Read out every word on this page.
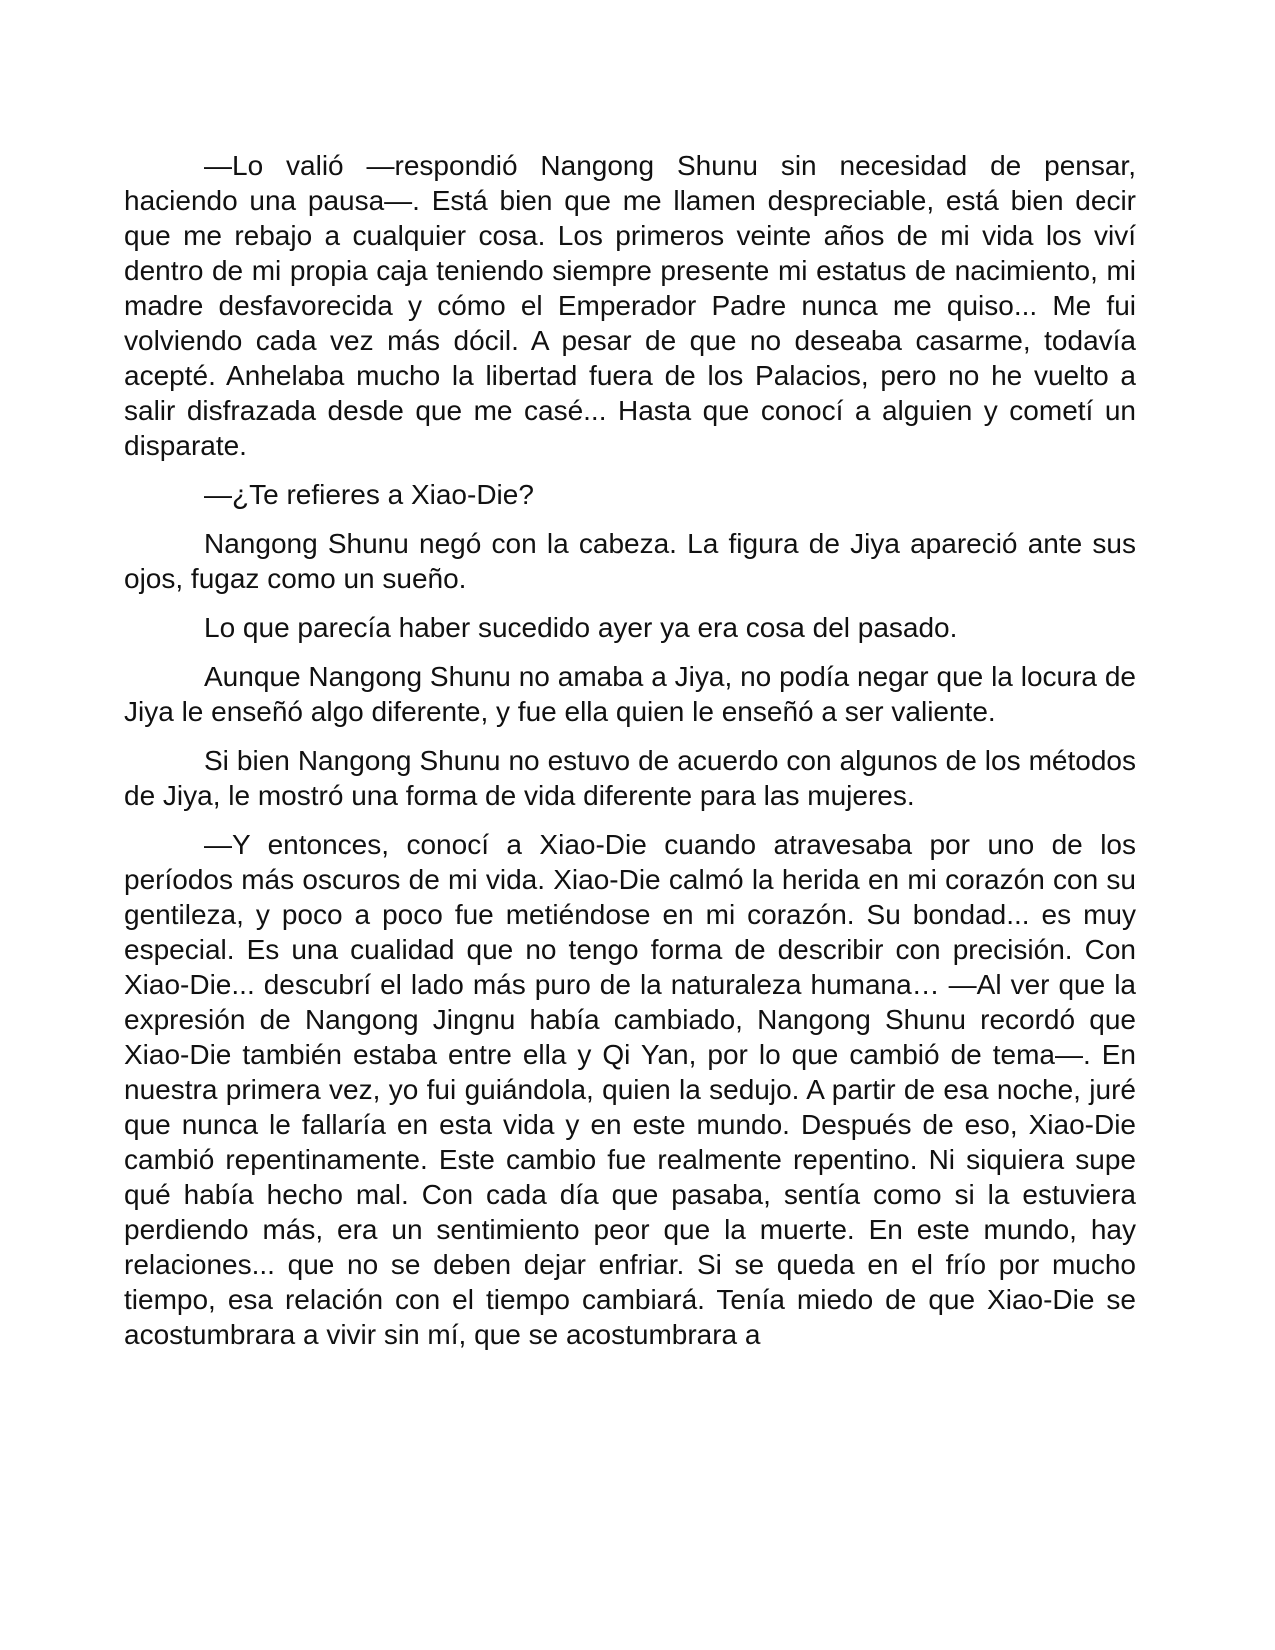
—Lo valió —respondió Nangong Shunu sin necesidad de pensar, haciendo una pausa—. Está bien que me llamen despreciable, está bien decir que me rebajo a cualquier cosa. Los primeros veinte años de mi vida los viví dentro de mi propia caja teniendo siempre presente mi estatus de nacimiento, mi madre desfavorecida y cómo el Emperador Padre nunca me quiso... Me fui volviendo cada vez más dócil. A pesar de que no deseaba casarme, todavía acepté. Anhelaba mucho la libertad fuera de los Palacios, pero no he vuelto a salir disfrazada desde que me casé... Hasta que conocí a alguien y cometí un disparate.

—¿Te refieres a Xiao-Die?

Nangong Shunu negó con la cabeza. La figura de Jiya apareció ante sus ojos, fugaz como un sueño.

Lo que parecía haber sucedido ayer ya era cosa del pasado.

Aunque Nangong Shunu no amaba a Jiya, no podía negar que la locura de Jiya le enseñó algo diferente, y fue ella quien le enseñó a ser valiente.

Si bien Nangong Shunu no estuvo de acuerdo con algunos de los métodos de Jiya, le mostró una forma de vida diferente para las mujeres.

—Y entonces, conocí a Xiao-Die cuando atravesaba por uno de los períodos más oscuros de mi vida. Xiao-Die calmó la herida en mi corazón con su gentileza, y poco a poco fue metiéndose en mi corazón. Su bondad... es muy especial. Es una cualidad que no tengo forma de describir con precisión. Con Xiao-Die... descubrí el lado más puro de la naturaleza humana… —Al ver que la expresión de Nangong Jingnu había cambiado, Nangong Shunu recordó que Xiao-Die también estaba entre ella y Qi Yan, por lo que cambió de tema—. En nuestra primera vez, yo fui guiándola, quien la sedujo. A partir de esa noche, juré que nunca le fallaría en esta vida y en este mundo. Después de eso, Xiao-Die cambió repentinamente. Este cambio fue realmente repentino. Ni siquiera supe qué había hecho mal. Con cada día que pasaba, sentía como si la estuviera perdiendo más, era un sentimiento peor que la muerte. En este mundo, hay relaciones... que no se deben dejar enfriar. Si se queda en el frío por mucho tiempo, esa relación con el tiempo cambiará. Tenía miedo de que Xiao-Die se acostumbrara a vivir sin mí, que se acostumbrara a
